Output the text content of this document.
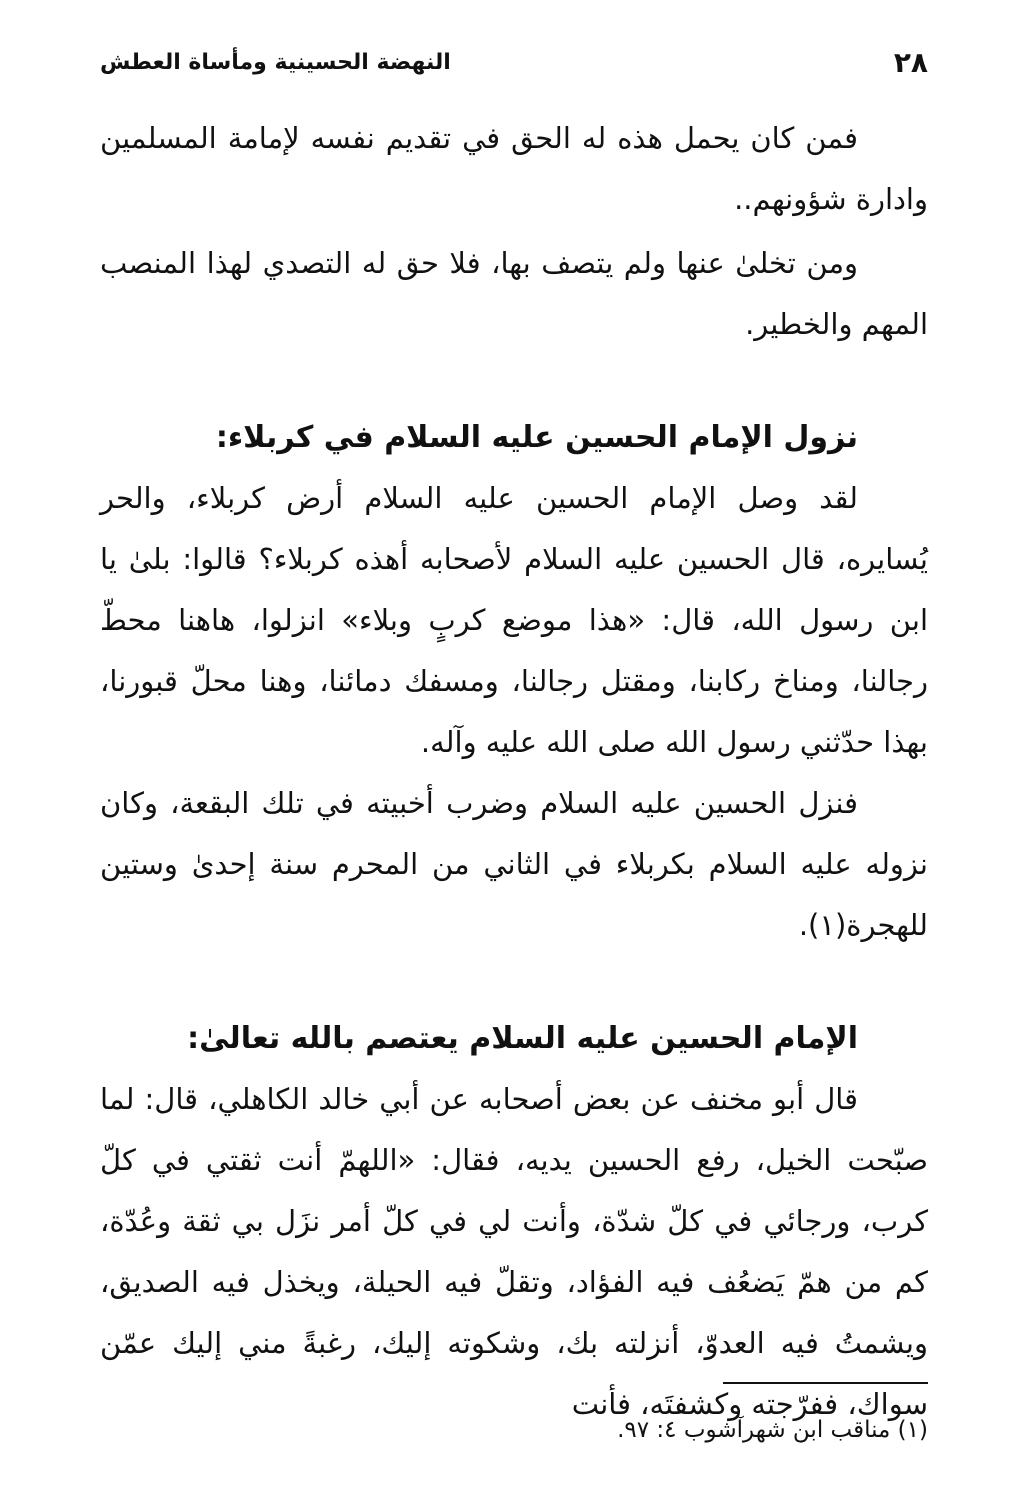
٢٨
النهضة الحسينية ومأساة العطش

فمن كان يحمل هذه له الحق في تقديم نفسه لإمامة المسلمين وادارة شؤونهم..

ومن تخلىٰ عنها ولم يتصف بها، فلا حق له التصدي لهذا المنصب المهم والخطير.

نزول الإمام الحسين عليه السلام في كربلاء:

لقد وصل الإمام الحسين عليه السلام أرض كربلاء، والحر يُسايره، قال الحسين عليه السلام لأصحابه أهذه كربلاء؟ قالوا: بلىٰ يا ابن رسول الله، قال: «هذا موضع كربٍ وبلاء» انزلوا، هاهنا محطّ رجالنا، ومناخ ركابنا، ومقتل رجالنا، ومسفك دمائنا، وهنا محلّ قبورنا، بهذا حدّثني رسول الله صلى الله عليه وآله.

فنزل الحسين عليه السلام وضرب أخبيته في تلك البقعة، وكان نزوله عليه السلام بكربلاء في الثاني من المحرم سنة إحدىٰ وستين للهجرة(١).

الإمام الحسين عليه السلام يعتصم بالله تعالىٰ:

قال أبو مخنف عن بعض أصحابه عن أبي خالد الكاهلي، قال: لما صبّحت الخيل، رفع الحسين يديه، فقال: «اللهمّ أنت ثقتي في كلّ كرب، ورجائي في كلّ شدّة، وأنت لي في كلّ أمر نزَل بي ثقة وعُدّة، كم من همّ يَضعُف فيه الفؤاد، وتقلّ فيه الحيلة، ويخذل فيه الصديق، ويشمتُ فيه العدوّ، أنزلته بك، وشكوته إليك، رغبةً مني إليك عمّن سواك، ففرّجته وكشفتَه، فأنت

(١) مناقب ابن شهرآشوب ٤: ٩٧.
